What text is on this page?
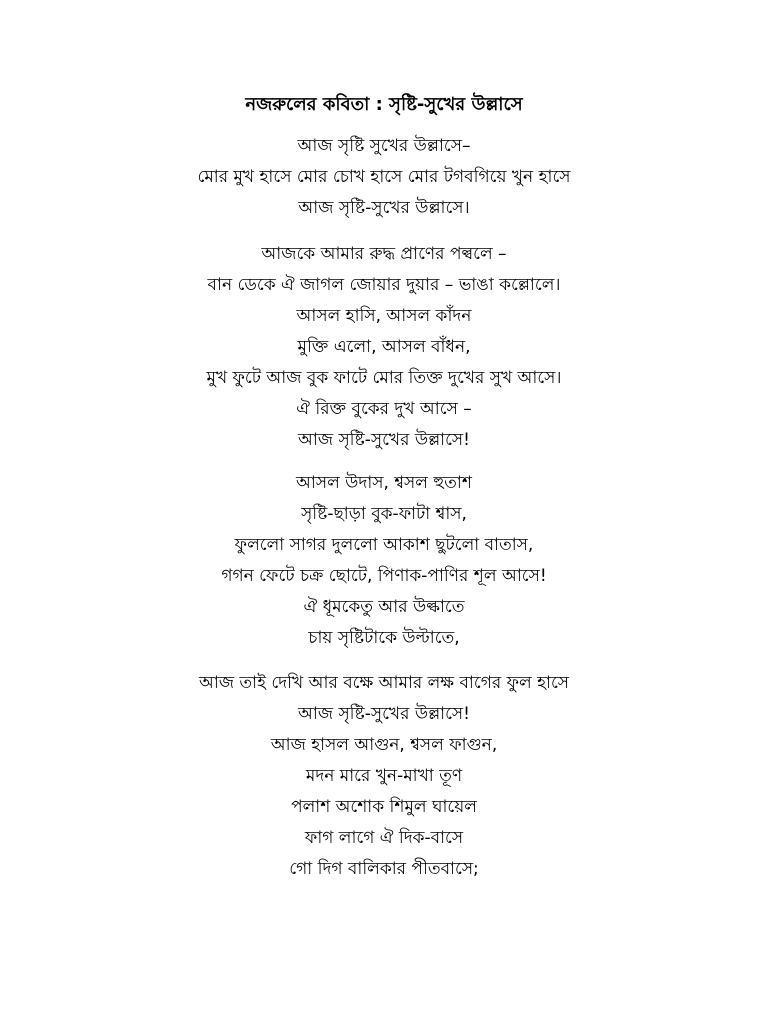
নজরুলের কবিতা : সৃষ্টি-সুখের উল্লাসে
আজ সৃষ্টি সুখের উল্লাসে–
মোর মুখ হাসে মোর চোখ হাসে মোর টগবগিয়ে খুন হাসে
আজ সৃষ্টি-সুখের উল্লাসে।
আজকে আমার রুদ্ধ প্রাণের পল্বলে –
বান ডেকে ঐ জাগল জোয়ার দুয়ার – ভাঙা কল্লোলে।
আসল হাসি, আসল কাঁদন
মুক্তি এলো, আসল বাঁধন,
মুখ ফুটে আজ বুক ফাটে মোর তিক্ত দুখের সুখ আসে।
ঐ রিক্ত বুকের দুখ আসে –
আজ সৃষ্টি-সুখের উল্লাসে!
আসল উদাস, শ্বসল হুতাশ
সৃষ্টি-ছাড়া বুক-ফাটা শ্বাস,
ফুললো সাগর দুললো আকাশ ছুটলো বাতাস,
গগন ফেটে চক্র ছোটে, পিণাক-পাণির শূল আসে!
ঐ ধূমকেতু আর উল্কাতে
চায় সৃষ্টিটাকে উল্টাতে,
আজ তাই দেখি আর বক্ষে আমার লক্ষ বাগের ফুল হাসে
আজ সৃষ্টি-সুখের উল্লাসে!
আজ হাসল আগুন, শ্বসল ফাগুন,
মদন মারে খুন-মাখা তূণ
পলাশ অশোক শিমুল ঘায়েল
ফাগ লাগে ঐ দিক-বাসে
গো দিগ বালিকার পীতবাসে;
